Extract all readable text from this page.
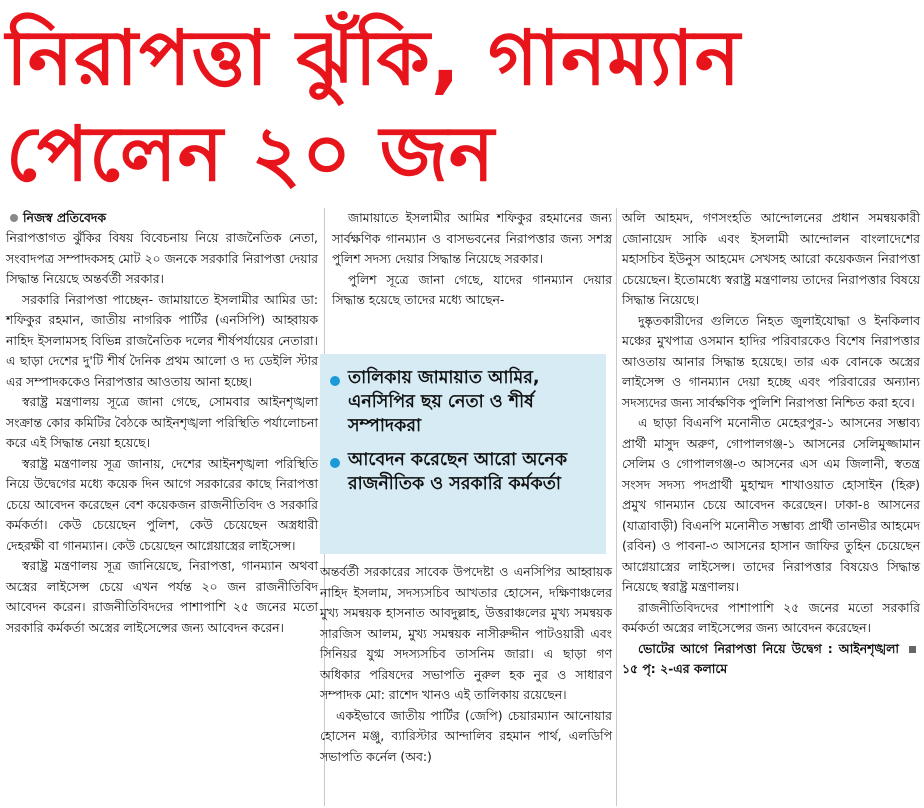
নিরাপত্তা ঝুঁকি, গানম্যান
পেলেন ২০ জন
নিজস্ব প্রতিবেদক

নিরাপত্তাগত ঝুঁকির বিষয় বিবেচনায় নিয়ে রাজনৈতিক নেতা, সংবাদপত্র সম্পাদকসহ মোট ২০ জনকে সরকারি নিরাপত্তা দেয়ার সিদ্ধান্ত নিয়েছে অন্তর্বর্তী সরকার।

সরকারি নিরাপত্তা পাচ্ছেন- জামায়াতে ইসলামীর আমির ডা: শফিকুর রহমান, জাতীয় নাগরিক পার্টির (এনসিপি) আহ্বায়ক নাহিদ ইসলামসহ বিভিন্ন রাজনৈতিক দলের শীর্ষপর্যায়ের নেতারা। এ ছাড়া দেশের দু'টি শীর্ষ দৈনিক প্রথম আলো ও দ্য ডেইলি স্টার এর সম্পাদককেও নিরাপত্তার আওতায় আনা হচ্ছে।

স্বরাষ্ট্র মন্ত্রণালয় সূত্রে জানা গেছে, সোমবার আইনশৃঙ্খলা সংক্রান্ত কোর কমিটির বৈঠকে আইনশৃঙ্খলা পরিস্থিতি পর্যালোচনা করে এই সিদ্ধান্ত নেয়া হয়েছে।

স্বরাষ্ট্র মন্ত্রণালয় সূত্র জানায়, দেশের আইনশৃঙ্খলা পরিস্থিতি নিয়ে উদ্বেগের মধ্যে কয়েক দিন আগে সরকারের কাছে নিরাপত্তা চেয়ে আবেদন করেছেন বেশ কয়েকজন রাজনীতিবিদ ও সরকারি কর্মকর্তা। কেউ চেয়েছেন পুলিশ, কেউ চেয়েছেন অস্ত্রধারী দেহরক্ষী বা গানম্যান। কেউ চেয়েছেন আগ্নেয়াস্ত্রের লাইসেন্স।

স্বরাষ্ট্র মন্ত্রণালয় সূত্র জানিয়েছে, নিরাপত্তা, গানম্যান অথবা অস্ত্রের লাইসেন্স চেয়ে এখন পর্যন্ত ২০ জন রাজনীতিবিদ আবেদন করেন। রাজনীতিবিদদের পাশাপাশি ২৫ জনের মতো সরকারি কর্মকর্তা অস্ত্রের লাইসেন্সের জন্য আবেদন করেন।

জামায়াতে ইসলামীর আমির শফিকুর রহমানের জন্য সার্বক্ষণিক গানম্যান ও বাসভবনের নিরাপত্তার জন্য সশস্ত্র পুলিশ সদস্য দেয়ার সিদ্ধান্ত নিয়েছে সরকার।

পুলিশ সূত্রে জানা গেছে, যাদের গানম্যান দেয়ার সিদ্ধান্ত হয়েছে তাদের মধ্যে আছেন-

তালিকায় জামায়াত আমির, এনসিপির ছয় নেতা ও শীর্ষ সম্পাদকরা
আবেদন করেছেন আরো অনেক রাজনীতিক ও সরকারি কর্মকর্তা

অন্তর্বর্তী সরকারের সাবেক উপদেষ্টা ও এনসিপির আহ্বায়ক নাহিদ ইসলাম, সদস্যসচিব আখতার হোসেন, দক্ষিণাঞ্চলের মুখ্য সমন্বয়ক হাসনাত আবদুল্লাহ, উত্তরাঞ্চলের মুখ্য সমন্বয়ক সারজিস আলম, মুখ্য সমন্বয়ক নাসীরুদ্দীন পাটওয়ারী এবং সিনিয়র যুগ্ম সদস্যসচিব তাসনিম জারা। এ ছাড়া গণ অধিকার পরিষদের সভাপতি নুরুল হক নুর ও সাধারণ সম্পাদক মো: রাশেদ খানও এই তালিকায় রয়েছেন।

একইভাবে জাতীয় পার্টির (জেপি) চেয়ারম্যান আনোয়ার হোসেন মঞ্জু, ব্যারিস্টার আন্দালিব রহমান পার্থ, এলডিপি সভাপতি কর্নেল (অব:)

অলি আহমদ, গণসংহতি আন্দোলনের প্রধান সমন্বয়কারী জোনায়েদ সাকি এবং ইসলামী আন্দোলন বাংলাদেশের মহাসচিব ইউনুস আহমেদ সেখসহ আরো কয়েকজন নিরাপত্তা চেয়েছেন। ইতোমধ্যে স্বরাষ্ট্র মন্ত্রণালয় তাদের নিরাপত্তার বিষয়ে সিদ্ধান্ত নিয়েছে।

দুষ্কৃতকারীদের গুলিতে নিহত জুলাইযোদ্ধা ও ইনকিলাব মঞ্চের মুখপাত্র ওসমান হাদির পরিবারকেও বিশেষ নিরাপত্তার আওতায় আনার সিদ্ধান্ত হয়েছে। তার এক বোনকে অস্ত্রের লাইসেন্স ও গানম্যান দেয়া হচ্ছে এবং পরিবারের অন্যান্য সদস্যদের জন্য সার্বক্ষণিক পুলিশি নিরাপত্তা নিশ্চিত করা হবে।

এ ছাড়া বিএনপি মনোনীত মেহেরপুর-১ আসনের সম্ভাব্য প্রার্থী মাসুদ অরুণ, গোপালগঞ্জ-১ আসনের সেলিমুজ্জামান সেলিম ও গোপালগঞ্জ-৩ আসনের এস এম জিলানী, স্বতন্ত্র সংসদ সদস্য পদপ্রার্থী মুহাম্মদ শাখাওয়াত হোসাইন (হিরু) প্রমুখ গানম্যান চেয়ে আবেদন করেছেন। ঢাকা-৪ আসনের (যাত্রাবাড়ী) বিএনপি মনোনীত সম্ভাব্য প্রার্থী তানভীর আহমেদ (রবিন) ও পাবনা-৩ আসনের হাসান জাফির তুহিন চেয়েছেন আগ্নেয়াস্ত্রের লাইসেন্স। তাদের নিরাপত্তার বিষয়েও সিদ্ধান্ত নিয়েছে স্বরাষ্ট্র মন্ত্রণালয়।

রাজনীতিবিদদের পাশাপাশি ২৫ জনের মতো সরকারি কর্মকর্তা অস্ত্রের লাইসেন্সের জন্য আবেদন করেছেন।

ভোটের আগে নিরাপত্তা নিয়ে উদ্বেগ : আইনশৃঙ্খলা  ১৫ পৃ: ২-এর কলামে
